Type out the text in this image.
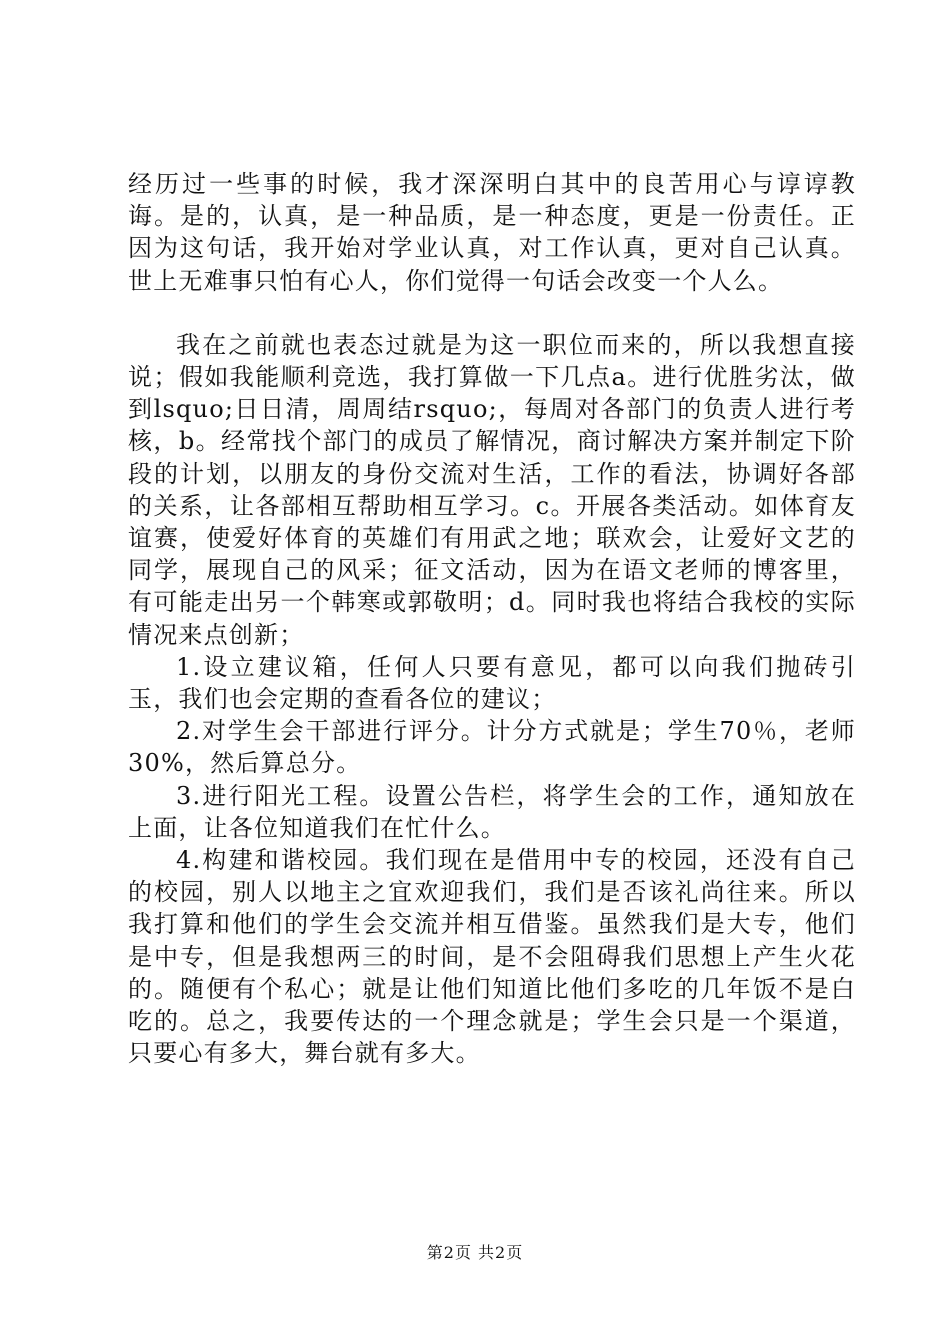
经历过一些事的时候，我才深深明白其中的良苦用心与谆谆教诲。是的，认真，是一种品质，是一种态度，更是一份责任。正因为这句话，我开始对学业认真，对工作认真，更对自己认真。世上无难事只怕有心人，你们觉得一句话会改变一个人么。

我在之前就也表态过就是为这一职位而来的，所以我想直接说；假如我能顺利竞选，我打算做一下几点a。进行优胜劣汰，做到lsquo;日日清，周周结rsquo;，每周对各部门的负责人进行考核，b。经常找个部门的成员了解情况，商讨解决方案并制定下阶段的计划，以朋友的身份交流对生活，工作的看法，协调好各部的关系，让各部相互帮助相互学习。c。开展各类活动。如体育友谊赛，使爱好体育的英雄们有用武之地；联欢会，让爱好文艺的同学，展现自己的风采；征文活动，因为在语文老师的博客里，有可能走出另一个韩寒或郭敬明；d。同时我也将结合我校的实际情况来点创新；

1.设立建议箱，任何人只要有意见，都可以向我们抛砖引玉，我们也会定期的查看各位的建议；

2.对学生会干部进行评分。计分方式就是；学生70％，老师30%，然后算总分。

3.进行阳光工程。设置公告栏，将学生会的工作，通知放在上面，让各位知道我们在忙什么。

4.构建和谐校园。我们现在是借用中专的校园，还没有自己的校园，别人以地主之宜欢迎我们，我们是否该礼尚往来。所以我打算和他们的学生会交流并相互借鉴。虽然我们是大专，他们是中专，但是我想两三的时间，是不会阻碍我们思想上产生火花的。随便有个私心；就是让他们知道比他们多吃的几年饭不是白吃的。总之，我要传达的一个理念就是；学生会只是一个渠道，只要心有多大，舞台就有多大。

第2页 共2页
